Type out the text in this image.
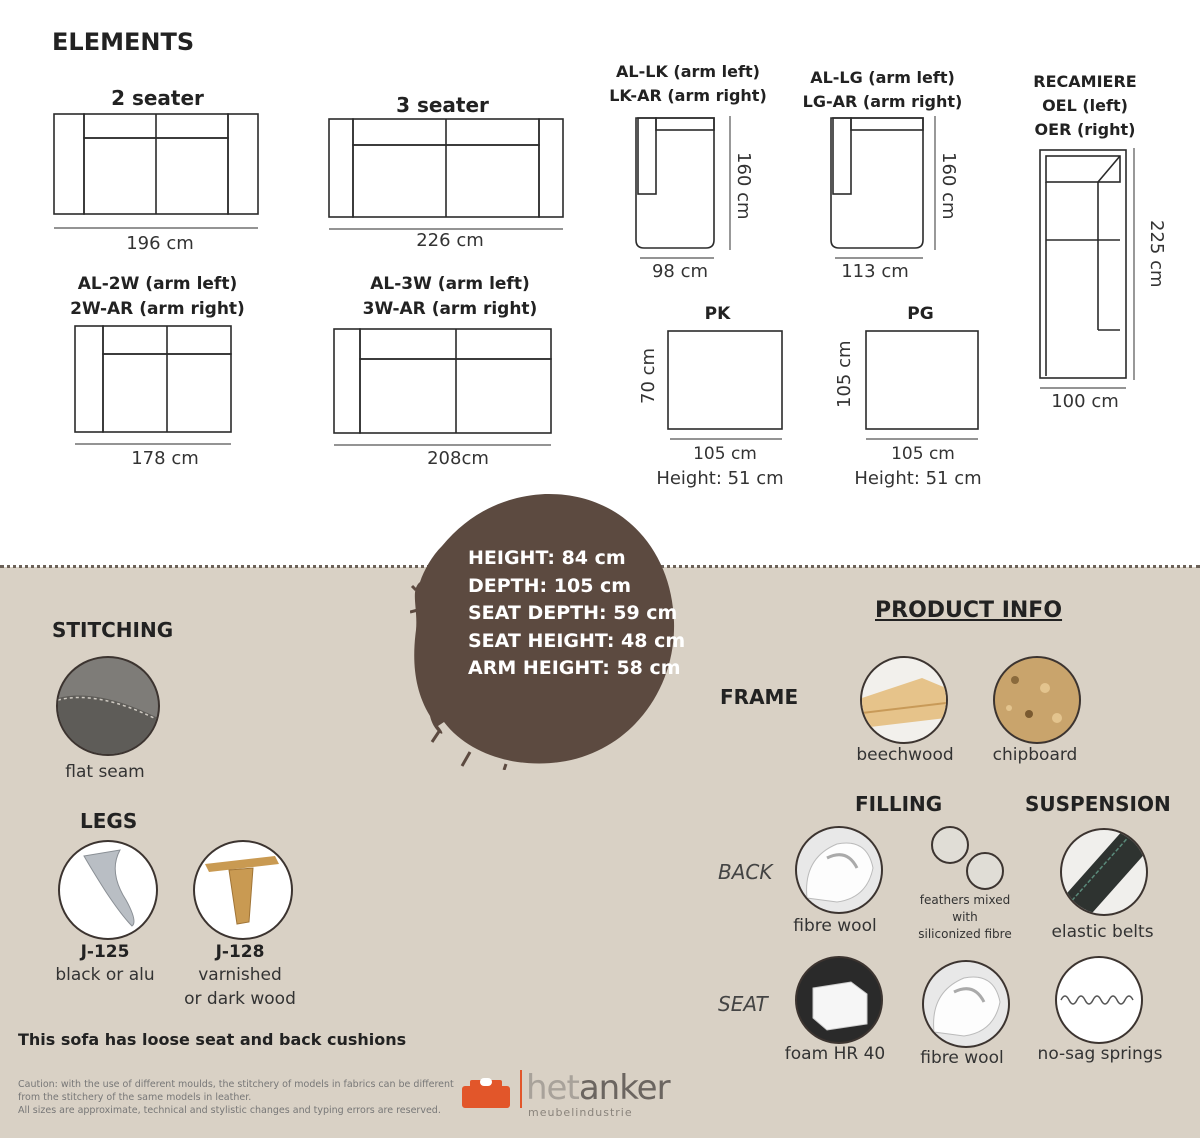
ELEMENTS
2 seater
196 cm
3 seater
226 cm
AL-LK (arm left)
LK-AR (arm right)
160 cm
98 cm
AL-LG (arm left)
LG-AR (arm right)
160 cm
113 cm
RECAMIERE
OEL (left)
OER (right)
225 cm
100 cm
AL-2W (arm left)
2W-AR (arm right)
178 cm
AL-3W (arm left)
3W-AR (arm right)
208cm
PK
70 cm
105 cm
Height: 51 cm
PG
105 cm
105 cm
Height: 51 cm
HEIGHT: 84 cm
DEPTH: 105 cm
SEAT DEPTH: 59 cm
SEAT HEIGHT: 48 cm
ARM HEIGHT: 58 cm
STITCHING
flat seam
LEGS
J-125
black or alu
J-128
varnished
or dark wood
This sofa has loose seat and back cushions
Caution: with the use of different moulds, the stitchery of models in fabrics can be different
from the stitchery of the same models in leather.
All sizes are approximate, technical and stylistic changes and typing errors are reserved.
hetanker
meubelindustrie
PRODUCT INFO
FRAME
beechwood	chipboard
FILLING	SUSPENSION
BACK
fibre wool
feathers mixed
with
siliconized fibre	elastic belts
SEAT
foam HR 40	fibre wool	no-sag springs
